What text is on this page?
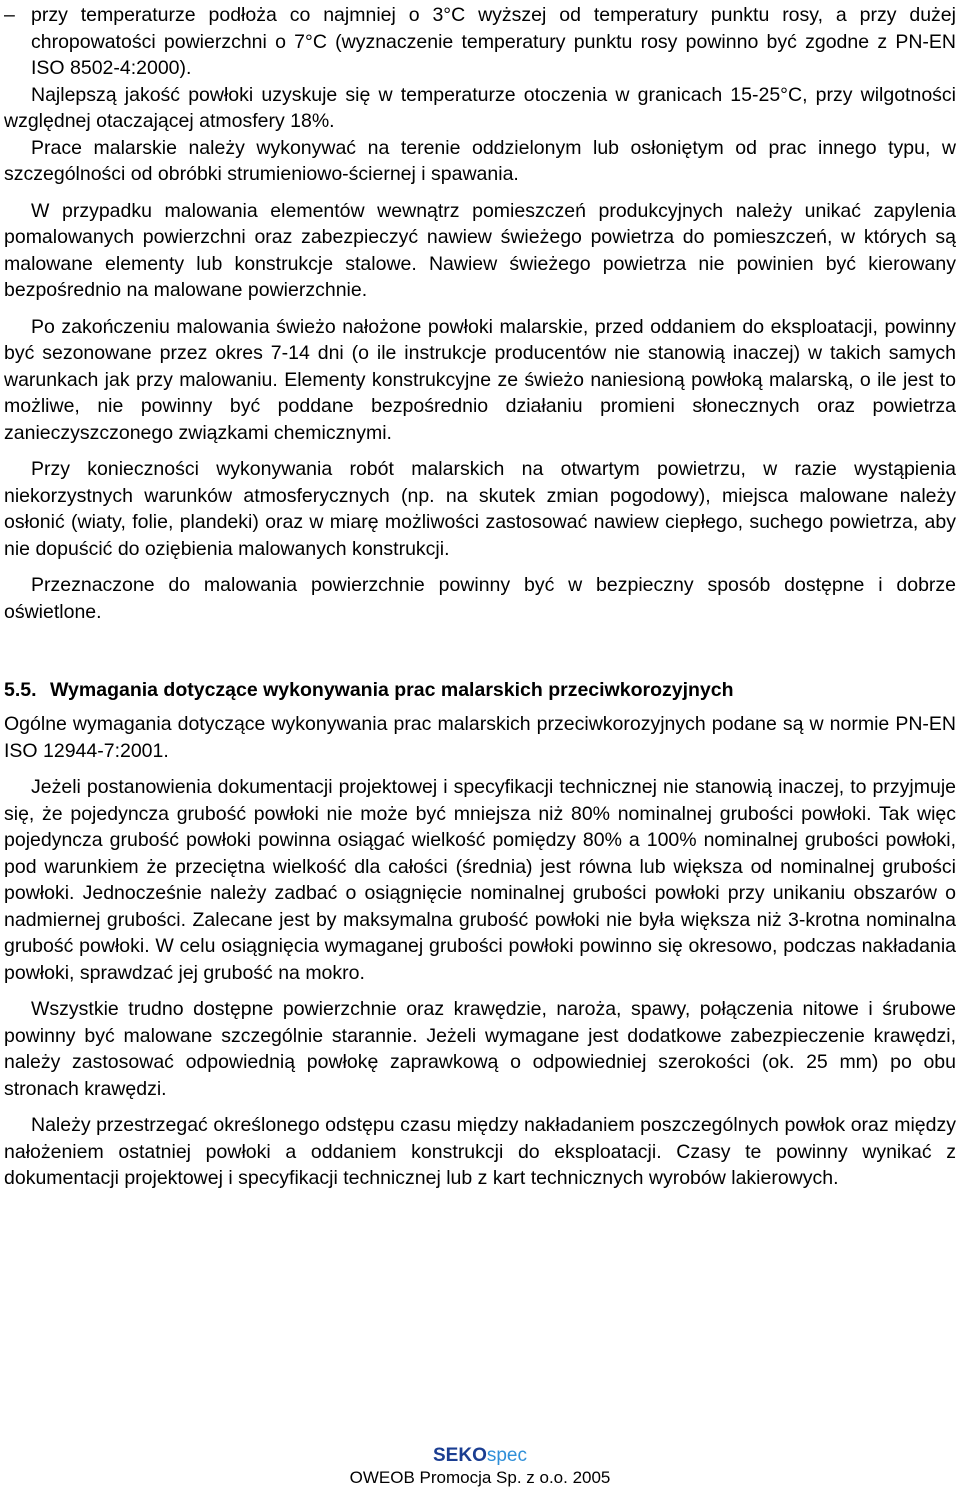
– przy temperaturze podłoża co najmniej o 3°C wyższej od temperatury punktu rosy, a przy dużej chropowatości powierzchni o 7°C (wyznaczenie temperatury punktu rosy powinno być zgodne z PN-EN ISO 8502-4:2000).

Najlepszą jakość powłoki uzyskuje się w temperaturze otoczenia w granicach 15-25°C, przy wilgotności względnej otaczającej atmosfery 18%.

Prace malarskie należy wykonywać na terenie oddzielonym lub osłoniętym od prac innego typu, w szczególności od obróbki strumieniowo-ściernej i spawania.

W przypadku malowania elementów wewnątrz pomieszczeń produkcyjnych należy unikać zapylenia pomalowanych powierzchni oraz zabezpieczyć nawiew świeżego powietrza do pomieszczeń, w których są malowane elementy lub konstrukcje stalowe. Nawiew świeżego powietrza nie powinien być kierowany bezpośrednio na malowane powierzchnie.

Po zakończeniu malowania świeżo nałożone powłoki malarskie, przed oddaniem do eksploatacji, powinny być sezonowane przez okres 7-14 dni (o ile instrukcje producentów nie stanowią inaczej) w takich samych warunkach jak przy malowaniu. Elementy konstrukcyjne ze świeżo naniesioną powłoką malarską, o ile jest to możliwe, nie powinny być poddane bezpośrednio działaniu promieni słonecznych oraz powietrza zanieczyszczonego związkami chemicznymi.

Przy konieczności wykonywania robót malarskich na otwartym powietrzu, w razie wystąpienia niekorzystnych warunków atmosferycznych (np. na skutek zmian pogodowy), miejsca malowane należy osłonić (wiaty, folie, plandeki) oraz w miarę możliwości zastosować nawiew ciepłego, suchego powietrza, aby nie dopuścić do oziębienia malowanych konstrukcji.

Przeznaczone do malowania powierzchnie powinny być w bezpieczny sposób dostępne i dobrze oświetlone.

5.5. Wymagania dotyczące wykonywania prac malarskich przeciwkorozyjnych

Ogólne wymagania dotyczące wykonywania prac malarskich przeciwkorozyjnych podane są w normie PN-EN ISO 12944-7:2001.

Jeżeli postanowienia dokumentacji projektowej i specyfikacji technicznej nie stanowią inaczej, to przyjmuje się, że pojedyncza grubość powłoki nie może być mniejsza niż 80% nominalnej grubości powłoki. Tak więc pojedyncza grubość powłoki powinna osiągać wielkość pomiędzy 80% a 100% nominalnej grubości powłoki, pod warunkiem że przeciętna wielkość dla całości (średnia) jest równa lub większa od nominalnej grubości powłoki. Jednocześnie należy zadbać o osiągnięcie nominalnej grubości powłoki przy unikaniu obszarów o nadmiernej grubości. Zalecane jest by maksymalna grubość powłoki nie była większa niż 3-krotna nominalna grubość powłoki. W celu osiągnięcia wymaganej grubości powłoki powinno się okresowo, podczas nakładania powłoki, sprawdzać jej grubość na mokro.

Wszystkie trudno dostępne powierzchnie oraz krawędzie, naroża, spawy, połączenia nitowe i śrubowe powinny być malowane szczególnie starannie. Jeżeli wymagane jest dodatkowe zabezpieczenie krawędzi, należy zastosować odpowiednią powłokę zaprawkową o odpowiedniej szerokości (ok. 25 mm) po obu stronach krawędzi.

Należy przestrzegać określonego odstępu czasu między nakładaniem poszczególnych powłok oraz między nałożeniem ostatniej powłoki a oddaniem konstrukcji do eksploatacji. Czasy te powinny wynikać z dokumentacji projektowej i specyfikacji technicznej lub z kart technicznych wyrobów lakierowych.

SEKOspec
OWEOB Promocja Sp. z o.o. 2005
